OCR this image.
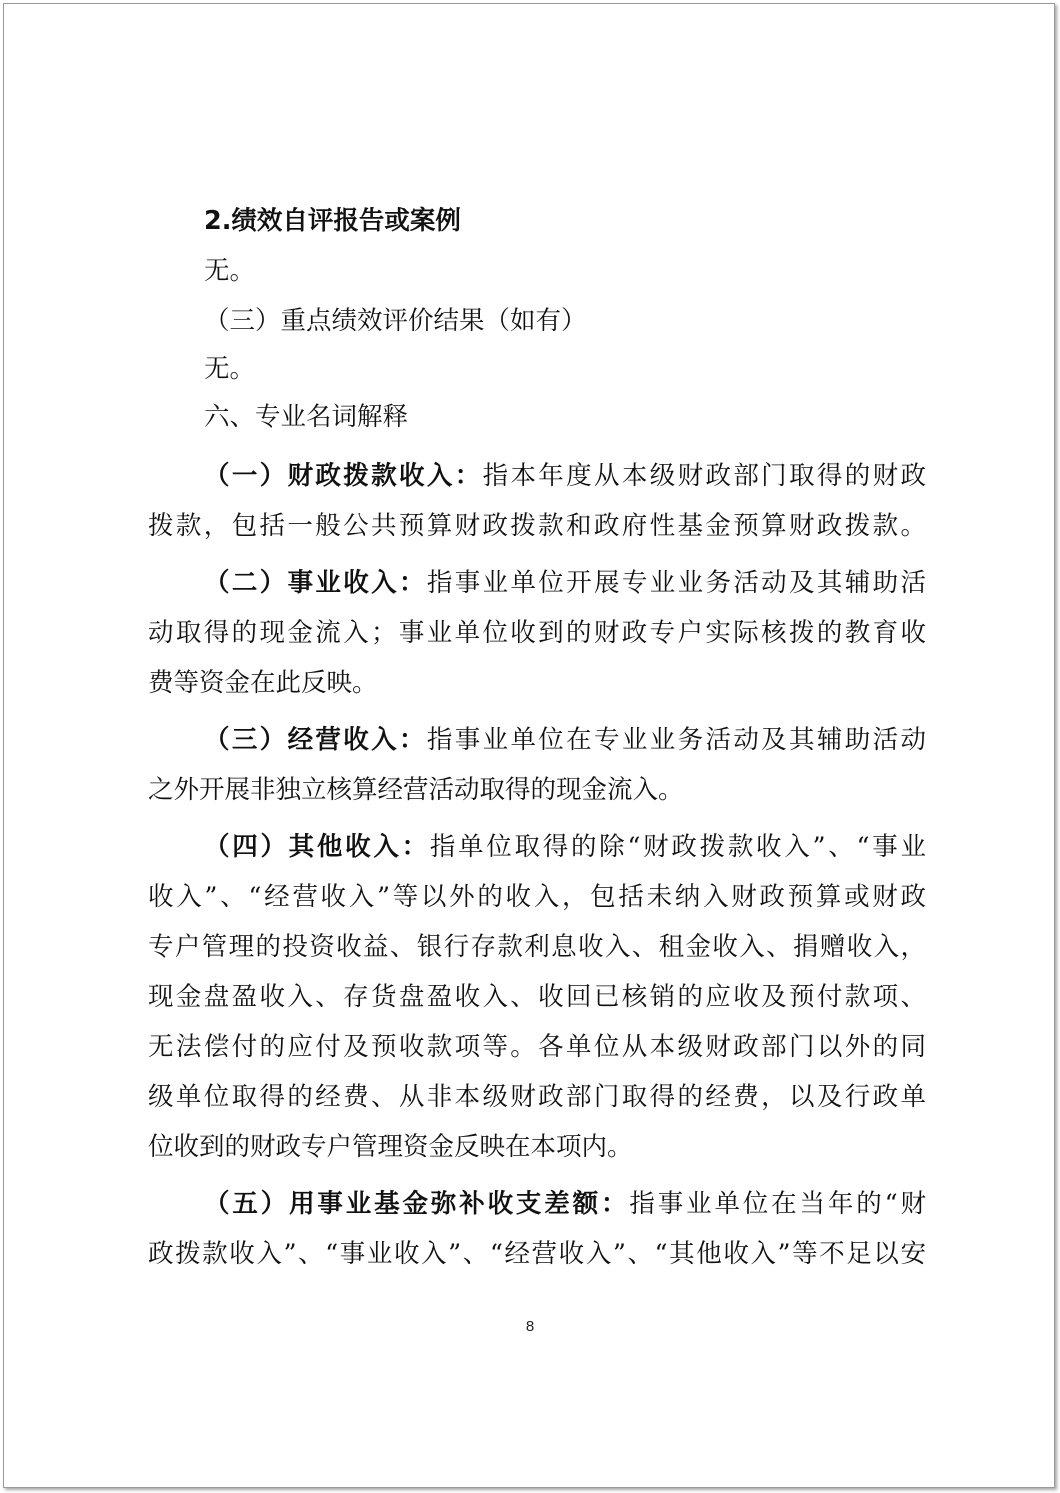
2.绩效自评报告或案例
无。
（三）重点绩效评价结果（如有）
无。
六、专业名词解释
（一）财政拨款收入：指本年度从本级财政部门取得的财政
拨款，包括一般公共预算财政拨款和政府性基金预算财政拨款。
（二）事业收入：指事业单位开展专业业务活动及其辅助活
动取得的现金流入；事业单位收到的财政专户实际核拨的教育收
费等资金在此反映。
（三）经营收入：指事业单位在专业业务活动及其辅助活动
之外开展非独立核算经营活动取得的现金流入。
（四）其他收入：指单位取得的除“财政拨款收入”、“事业
收入”、“经营收入”等以外的收入，包括未纳入财政预算或财政
专户管理的投资收益、银行存款利息收入、租金收入、捐赠收入，
现金盘盈收入、存货盘盈收入、收回已核销的应收及预付款项、
无法偿付的应付及预收款项等。各单位从本级财政部门以外的同
级单位取得的经费、从非本级财政部门取得的经费，以及行政单
位收到的财政专户管理资金反映在本项内。
（五）用事业基金弥补收支差额：指事业单位在当年的“财
政拨款收入”、“事业收入”、“经营收入”、“其他收入”等不足以安
8
